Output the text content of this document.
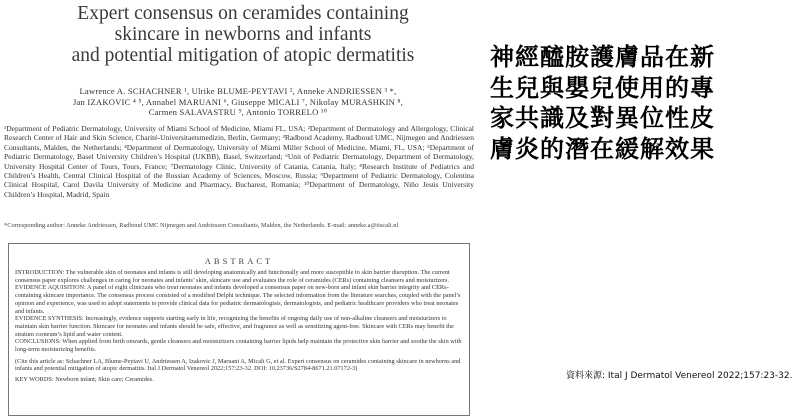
Expert consensus on ceramides containing
skincare in newborns and infants
and potential mitigation of atopic dermatitis
Lawrence A. SCHACHNER ¹, Ulrike BLUME-PEYTAVI ², Anneke ANDRIESSEN ³ *,
Jan IZAKOVIC ⁴ ⁵, Annabel MARUANI ⁶, Giuseppe MICALI ⁷, Nikolay MURASHKIN ⁸,
Carmen SALAVASTRU ⁹, Antonio TORRELO ¹⁰
¹Department of Pediatric Dermatology, University of Miami School of Medicine, Miami FL, USA; ²Department of Dermatology and Allergology, Clinical Research Center of Hair and Skin Science, Charité-Universitaetsmedizin, Berlin, Germany; ³Radboud Academy, Radboud UMC, Nijmegen and Andriessen Consultants, Malden, the Netherlands; ⁴Department of Dermatology, University of Miami Miller School of Medicine, Miami, FL, USA; ⁵Department of Pediatric Dermatology, Basel University Children’s Hospital (UKBB), Basel, Switzerland; ⁶Unit of Pediatric Dermatology, Department of Dermatology, University Hospital Center of Tours, Tours, France; ⁷Dermatology Clinic, University of Catania, Catania, Italy; ⁸Research Institute of Pediatrics and Children’s Health, Central Clinical Hospital of the Russian Academy of Sciences, Moscow, Russia; ⁹Department of Pediatric Dermatology, Colentina Clinical Hospital, Carol Davila University of Medicine and Pharmacy, Bucharest, Romania; ¹⁰Department of Dermatology, Niño Jesús University Children’s Hospital, Madrid, Spain
*Corresponding author: Anneke Andriessen, Radboud UMC Nijmegen and Andriessen Consultants, Malden, the Netherlands. E-mail: anneke.a@tiscali.nl
ABSTRACT

INTRODUCTION: The vulnerable skin of neonates and infants is still developing anatomically and functionally and more susceptible to skin barrier disruption. The current consensus paper explores challenges in caring for neonates and infants’ skin, skincare use and evaluates the role of ceramides (CERs) containing cleansers and moisturizers.

EVIDENCE AQUISITION: A panel of eight clinicians who treat neonates and infants developed a consensus paper on new-born and infant skin barrier integrity and CERs-containing skincare importance. The consensus process consisted of a modified Delphi technique. The selected information from the literature searches, coupled with the panel’s opinion and experience, was used to adopt statements to provide clinical data for pediatric dermatologists, dermatologists, and pediatric healthcare providers who treat neonates and infants.

EVIDENCE SYNTHESIS: Increasingly, evidence supports starting early in life, recognizing the benefits of ongoing daily use of non-alkaline cleansers and moisturizers to maintain skin barrier function. Skincare for neonates and infants should be safe, effective, and fragrance as well as sensitizing agent-free. Skincare with CERs may benefit the stratum corneum’s lipid and water content.

CONCLUSIONS: When applied from birth onwards, gentle cleansers and moisturizers containing barrier lipids help maintain the protective skin barrier and soothe the skin with long-term moisturizing benefits.

(Cite this article as: Schachner LA, Blume-Peytavi U, Andriessen A, Izakovic J, Maruani A, Micali G, et al. Expert consensus on ceramides containing skincare in newborns and infants and potential mitigation of atopic dermatitis. Ital J Dermatol Venereol 2022;157:23-32. DOI: 10.23736/S2784-8671.21.07172-3)

KEY WORDS: Newborn infant; Skin care; Ceramides.

神經醯胺護膚品在新
生兒與嬰兒使用的專
家共識及對異位性皮
膚炎的潛在緩解效果
資料來源: Ital J Dermatol Venereol 2022;157:23-32.
